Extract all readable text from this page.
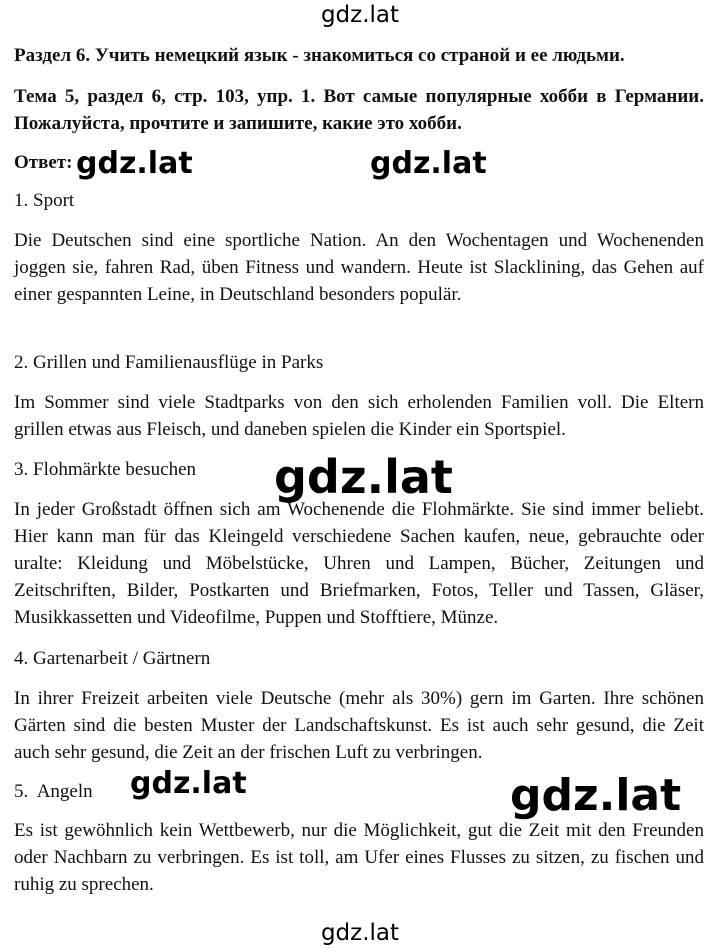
gdz.lat
Раздел 6. Учить немецкий язык - знакомиться со страной и ее людьми.
Тема 5, раздел 6, стр. 103, упр. 1. Вот самые популярные хобби в Германии. Пожалуйста, прочтите и запишите, какие это хобби.
Ответ:
1. Sport
Die Deutschen sind eine sportliche Nation. An den Wochentagen und Wochenenden joggen sie, fahren Rad, üben Fitness und wandern. Heute ist Slacklining, das Gehen auf einer gespannten Leine, in Deutschland besonders populär.
2. Grillen und Familienausflüge in Parks
Im Sommer sind viele Stadtparks von den sich erholenden Familien voll. Die Eltern grillen etwas aus Fleisch, und daneben spielen die Kinder ein Sportspiel.
3. Flohmärkte besuchen
In jeder Großstadt öffnen sich am Wochenende die Flohmärkte. Sie sind immer beliebt. Hier kann man für das Kleingeld verschiedene Sachen kaufen, neue, gebrauchte oder uralte: Kleidung und Möbelstücke, Uhren und Lampen, Bücher, Zeitungen und Zeitschriften, Bilder, Postkarten und Briefmarken, Fotos, Teller und Tassen, Gläser, Musikkassetten und Videofilme, Puppen und Stofftiere, Münze.
4. Gartenarbeit / Gärtnern
In ihrer Freizeit arbeiten viele Deutsche (mehr als 30%) gern im Garten. Ihre schönen Gärten sind die besten Muster der Landschaftskunst. Es ist auch sehr gesund, die Zeit auch sehr gesund, die Zeit an der frischen Luft zu verbringen.
5.  Angeln
Es ist gewöhnlich kein Wettbewerb, nur die Möglichkeit, gut die Zeit mit den Freunden oder Nachbarn zu verbringen. Es ist toll, am Ufer eines Flusses zu sitzen, zu fischen und ruhig zu sprechen.
gdz.lat	gdz.lat
gdz.lat
gdz.lat	gdz.lat
gdz.lat
